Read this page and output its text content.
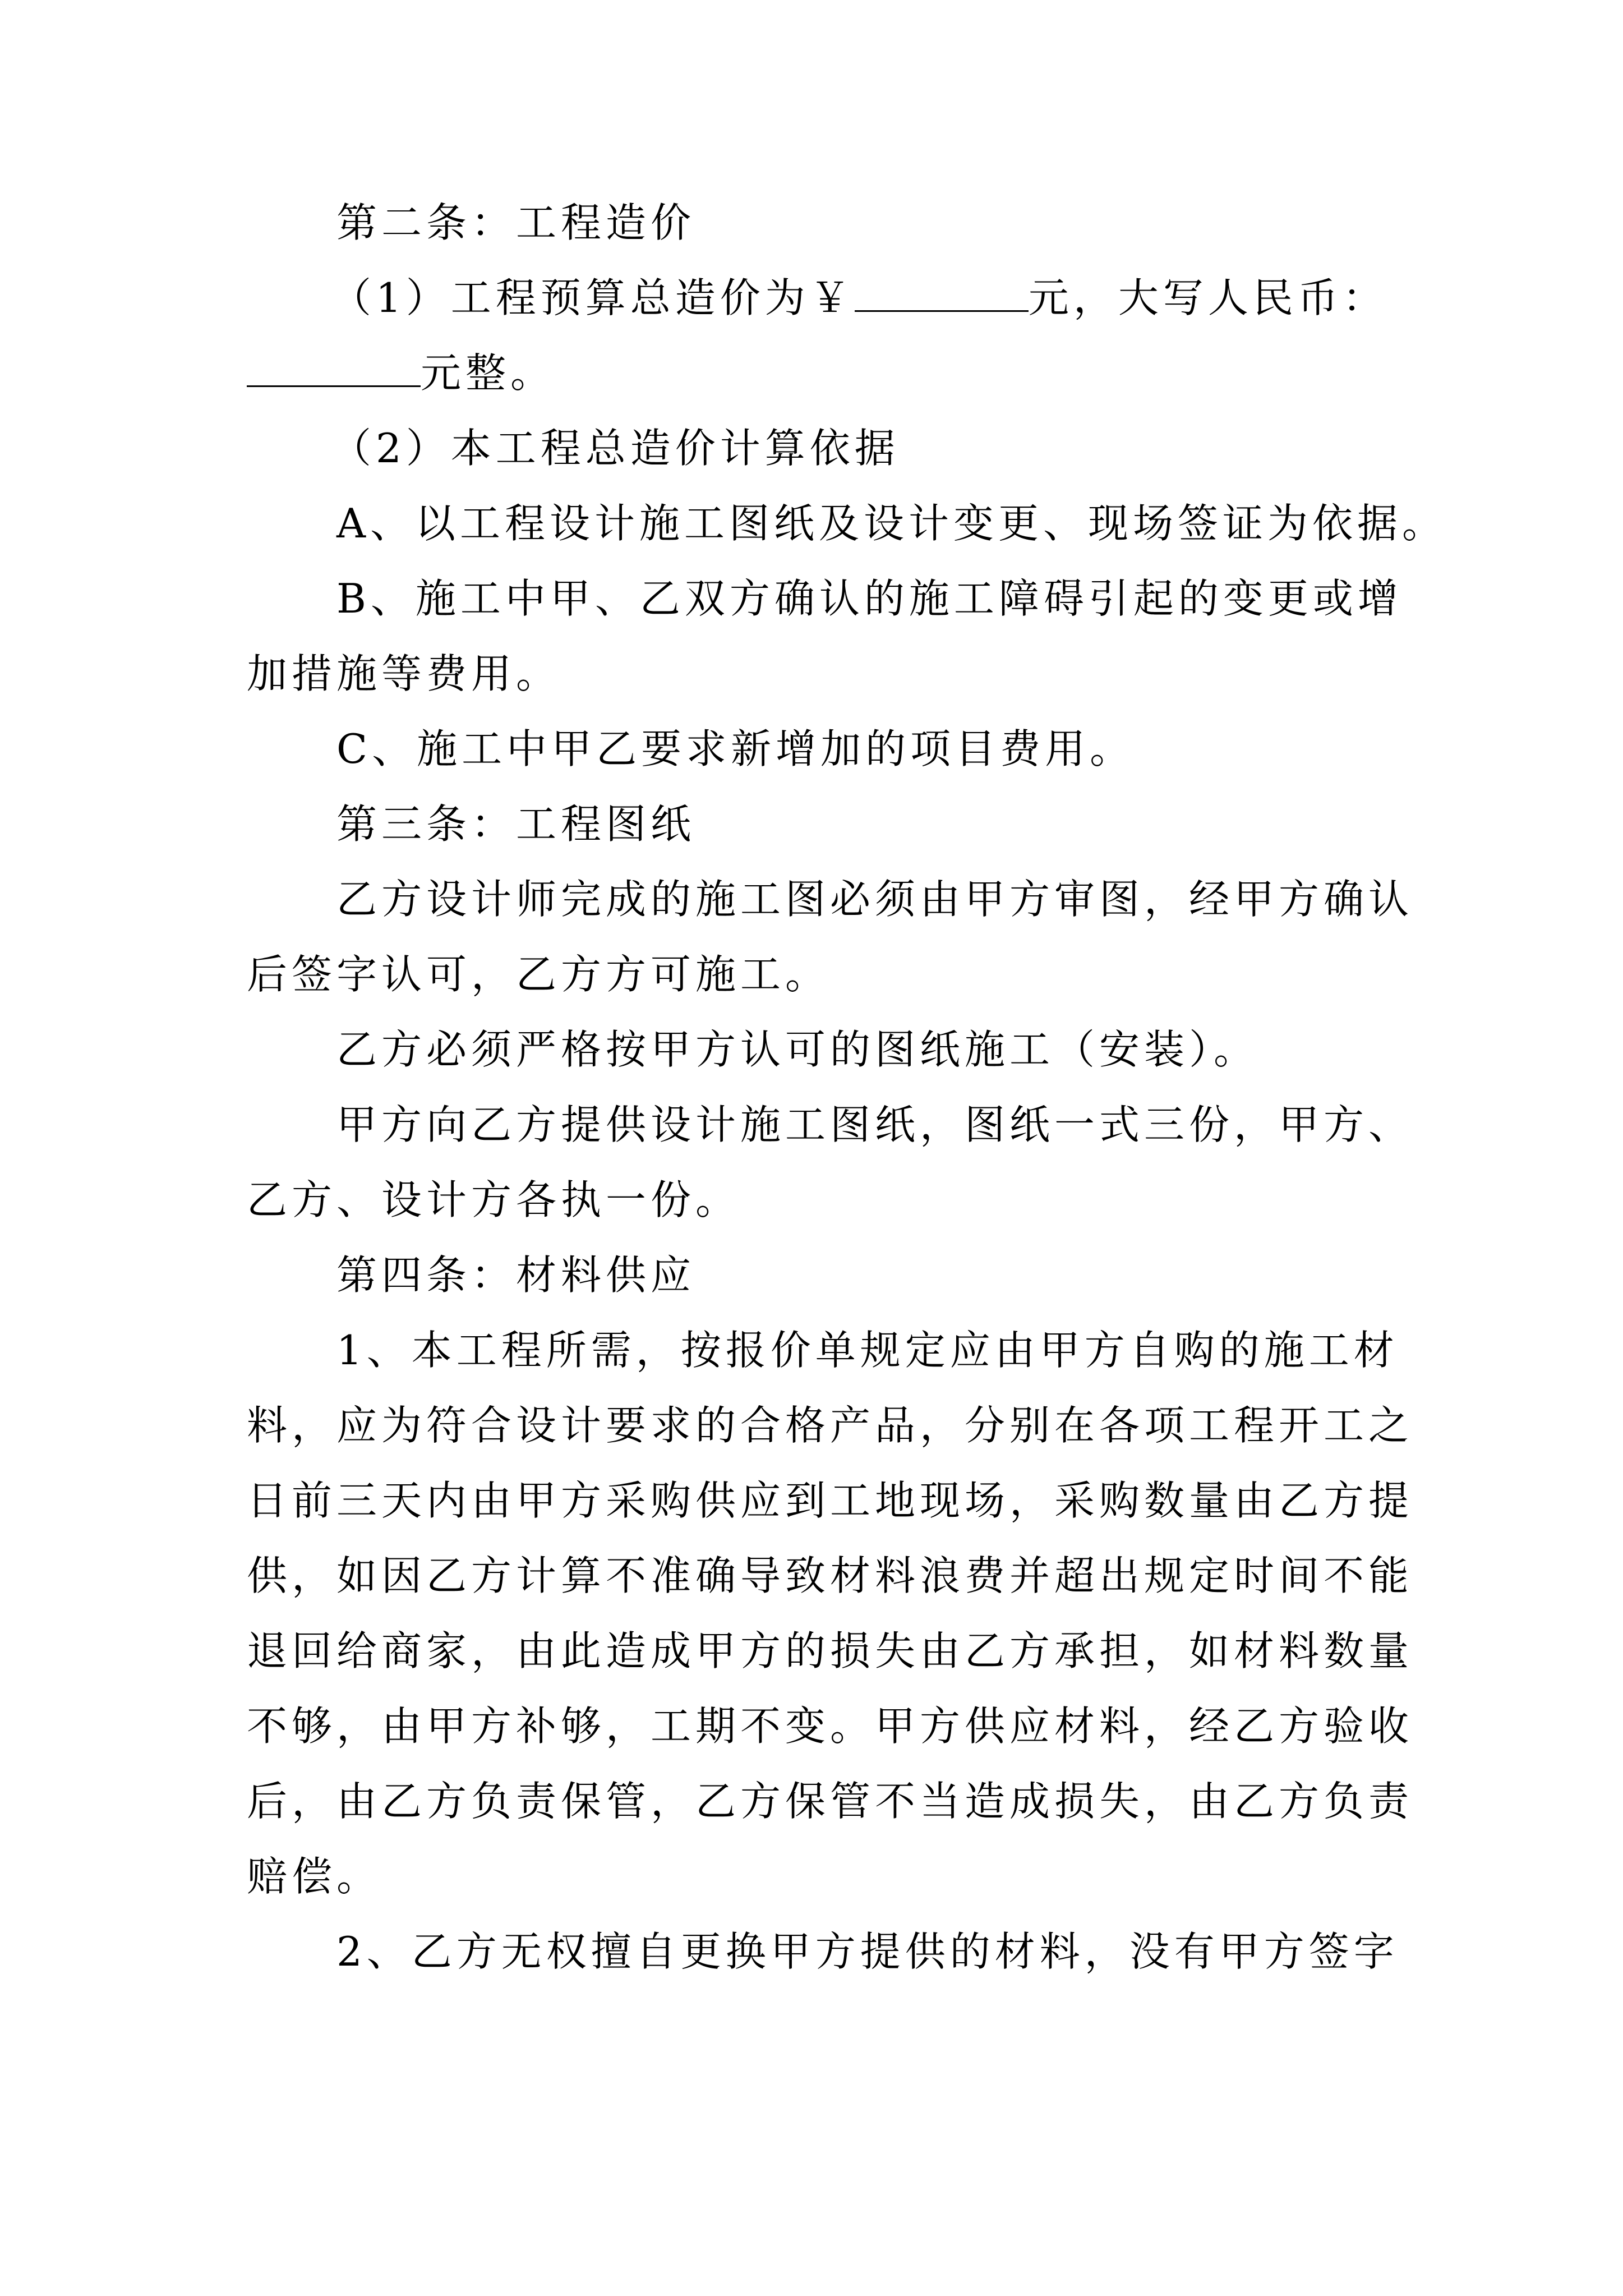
第二条：工程造价
（1）工程预算总造价为￥	元，大写人民币：
元整。
（2）本工程总造价计算依据
A、以工程设计施工图纸及设计变更、现场签证为依据。
B、施工中甲、乙双方确认的施工障碍引起的变更或增
加措施等费用。
C、施工中甲乙要求新增加的项目费用。
第三条：工程图纸
乙方设计师完成的施工图必须由甲方审图，经甲方确认
后签字认可，乙方方可施工。
乙方必须严格按甲方认可的图纸施工（安装）。
甲方向乙方提供设计施工图纸，图纸一式三份，甲方、
乙方、设计方各执一份。
第四条：材料供应
1、本工程所需，按报价单规定应由甲方自购的施工材
料，应为符合设计要求的合格产品，分别在各项工程开工之
日前三天内由甲方采购供应到工地现场，采购数量由乙方提
供，如因乙方计算不准确导致材料浪费并超出规定时间不能
退回给商家，由此造成甲方的损失由乙方承担，如材料数量
不够，由甲方补够，工期不变。甲方供应材料，经乙方验收
后，由乙方负责保管，乙方保管不当造成损失，由乙方负责
赔偿。
2、乙方无权擅自更换甲方提供的材料，没有甲方签字
